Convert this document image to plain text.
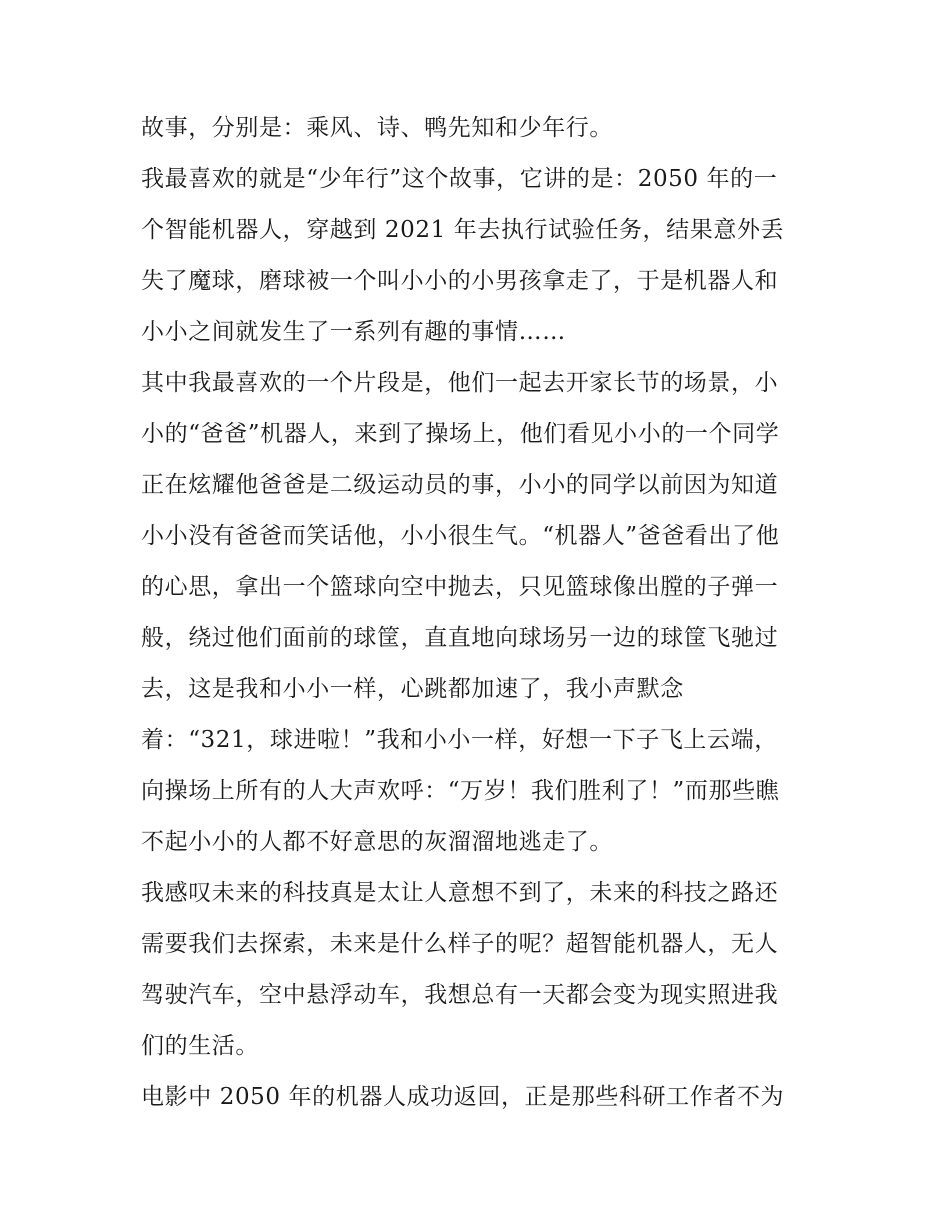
故事，分别是：乘风、诗、鸭先知和少年行。
我最喜欢的就是“少年行”这个故事，它讲的是：2050 年的一
个智能机器人，穿越到 2021 年去执行试验任务，结果意外丢
失了魔球，磨球被一个叫小小的小男孩拿走了，于是机器人和
小小之间就发生了一系列有趣的事情……
其中我最喜欢的一个片段是，他们一起去开家长节的场景，小
小的“爸爸”机器人，来到了操场上，他们看见小小的一个同学
正在炫耀他爸爸是二级运动员的事，小小的同学以前因为知道
小小没有爸爸而笑话他，小小很生气。“机器人”爸爸看出了他
的心思，拿出一个篮球向空中抛去，只见篮球像出膛的子弹一
般，绕过他们面前的球筐，直直地向球场另一边的球筐飞驰过
去，这是我和小小一样，心跳都加速了，我小声默念
着：“321，球进啦！”我和小小一样，好想一下子飞上云端，
向操场上所有的人大声欢呼：“万岁！我们胜利了！”而那些瞧
不起小小的人都不好意思的灰溜溜地逃走了。
我感叹未来的科技真是太让人意想不到了，未来的科技之路还
需要我们去探索，未来是什么样子的呢？超智能机器人，无人
驾驶汽车，空中悬浮动车，我想总有一天都会变为现实照进我
们的生活。
电影中 2050 年的机器人成功返回，正是那些科研工作者不为
